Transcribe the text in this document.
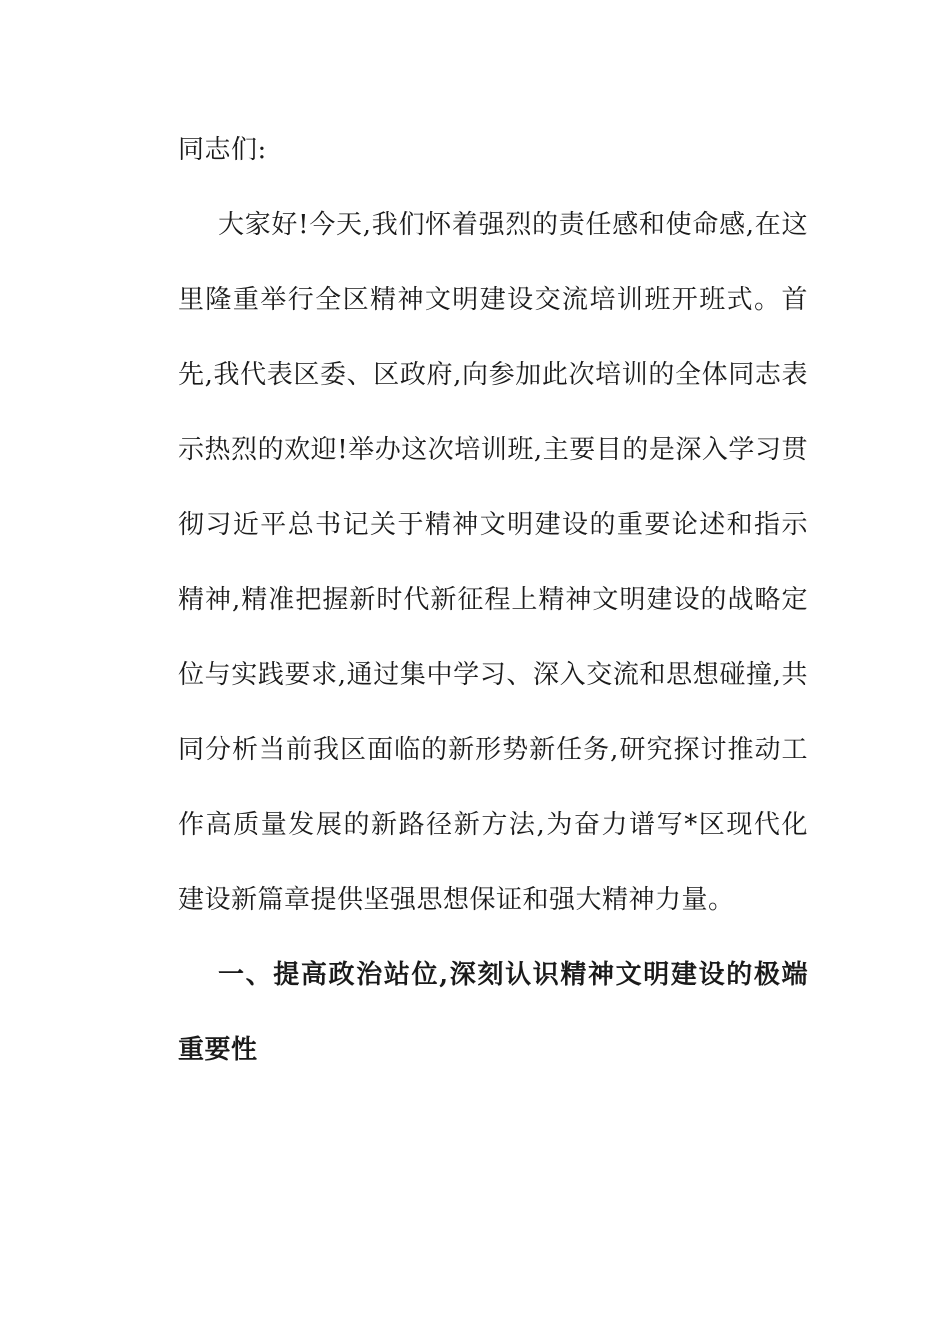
同志们:

大家好!今天,我们怀着强烈的责任感和使命感,在这里隆重举行全区精神文明建设交流培训班开班式。首先,我代表区委、区政府,向参加此次培训的全体同志表示热烈的欢迎!举办这次培训班,主要目的是深入学习贯彻习近平总书记关于精神文明建设的重要论述和指示精神,精准把握新时代新征程上精神文明建设的战略定位与实践要求,通过集中学习、深入交流和思想碰撞,共同分析当前我区面临的新形势新任务,研究探讨推动工作高质量发展的新路径新方法,为奋力谱写*区现代化建设新篇章提供坚强思想保证和强大精神力量。

一、提高政治站位,深刻认识精神文明建设的极端重要性
